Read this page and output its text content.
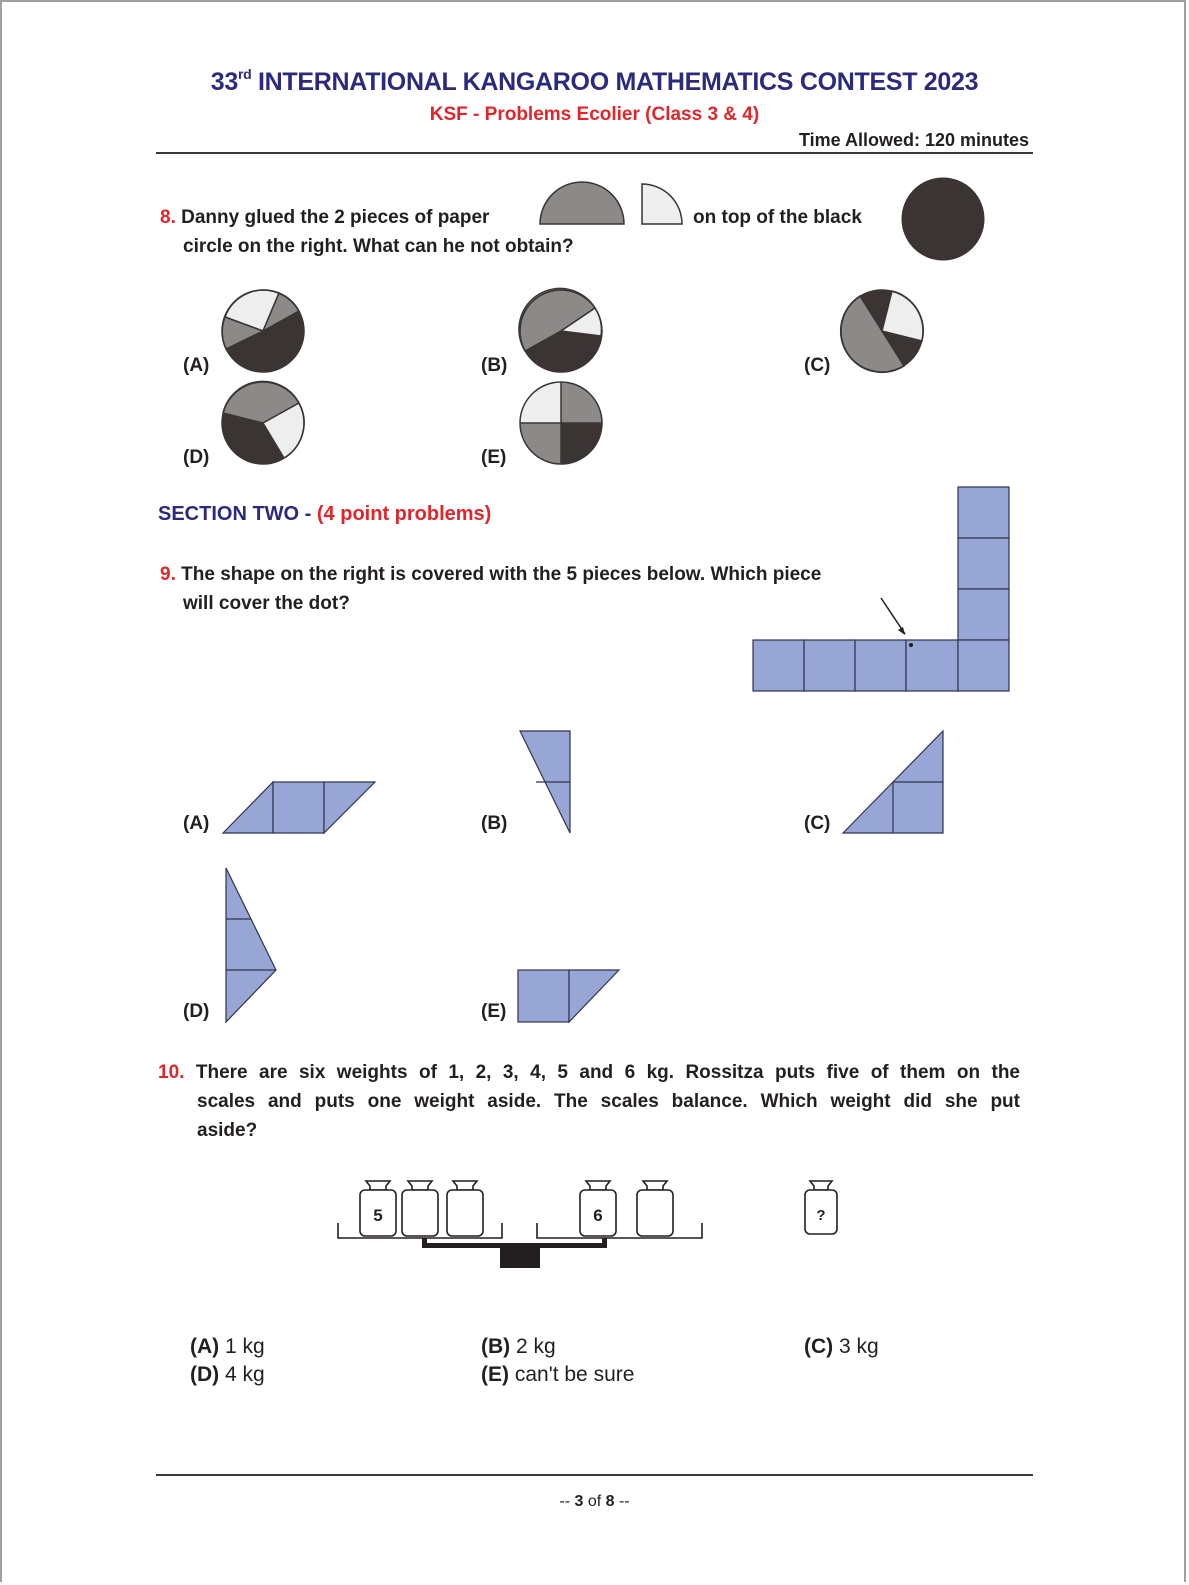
33rd INTERNATIONAL KANGAROO MATHEMATICS CONTEST 2023
KSF - Problems Ecolier (Class 3 & 4)
Time Allowed: 120 minutes
8. Danny glued the 2 pieces of paper	on top of the black
circle on the right. What can he not obtain?
(A)	(B)	(C)
(D)	(E)
SECTION TWO - (4 point problems)
9. The shape on the right is covered with the 5 pieces below. Which piece
will cover the dot?
(A)	(B)	(C)
(D)	(E)
10. There are six weights of 1, 2, 3, 4, 5 and 6 kg. Rossitza puts five of them on the
scales and puts one weight aside. The scales balance. Which weight did she put
aside?
5	6	?
(A) 1 kg	(B) 2 kg	(C) 3 kg
(D) 4 kg	(E) can't be sure
-- 3 of 8 --
